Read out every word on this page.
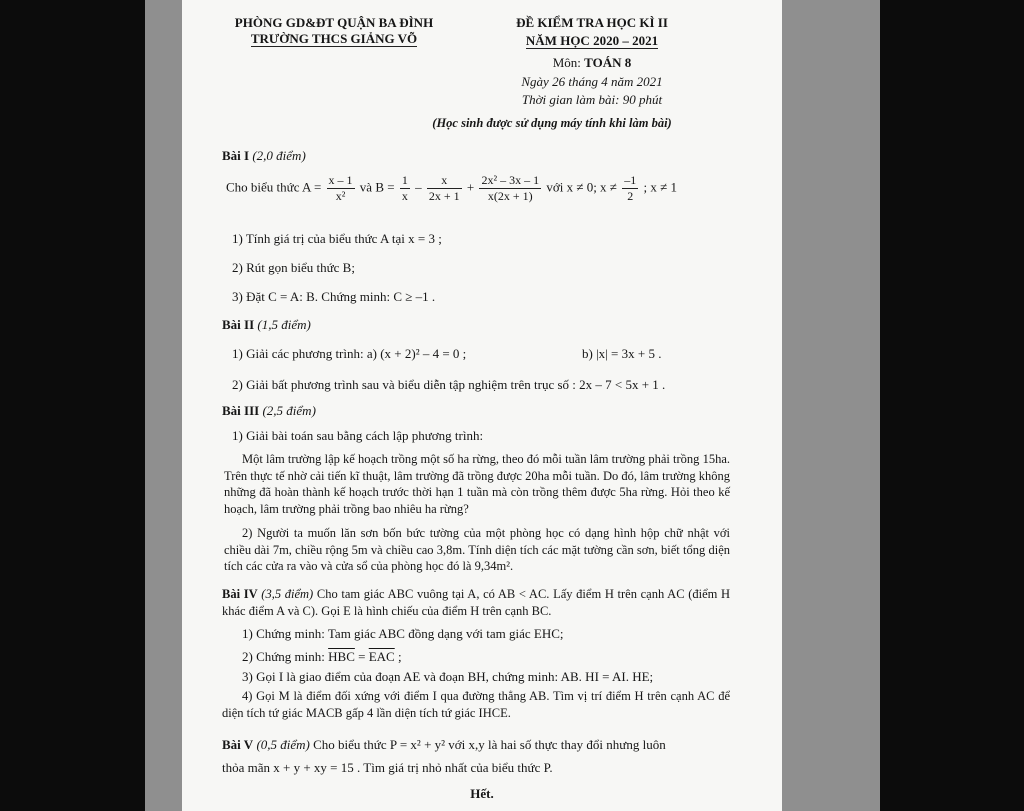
PHÒNG GD&ĐT QUẬN BA ĐÌNH
TRƯỜNG THCS GIẢNG VÕ
ĐỀ KIỂM TRA HỌC KÌ II
NĂM HỌC 2020 – 2021
Môn: TOÁN 8
Ngày 26 tháng 4 năm 2021
Thời gian làm bài: 90 phút
(Học sinh được sử dụng máy tính khi làm bài)
Bài I (2,0 điểm)
Cho biểu thức $A = \frac{x - 1}{\text{x²}}$ và $B = \frac{1}{x} - \frac{x}{2x + 1} + \frac{\text{2x² – 3x – 1}}{x(2x + 1)}$ với x ≠ 0; $x \ne \frac{-1}{2}$ ; x ≠ 1
1) Tính giá trị của biểu thức A tại x = 3 ;
2) Rút gọn biểu thức B;
3) Đặt C = A: B. Chứng minh: C ≥ –1 .
Bài II (1,5 điểm)
1) Giải các phương trình: a) (x + 2)² – 4 = 0 ;	b) |x| = 3x + 5 .
2) Giải bất phương trình sau và biểu diễn tập nghiệm trên trục số : 2x – 7 < 5x + 1 .
Bài III (2,5 điểm)
1) Giải bài toán sau bằng cách lập phương trình:
Một lâm trường lập kế hoạch trồng một số ha rừng, theo đó mỗi tuần lâm trường phải trồng 15ha. Trên thực tế nhờ cải tiến kĩ thuật, lâm trường đã trồng được 20ha mỗi tuần. Do đó, lâm trường không những đã hoàn thành kế hoạch trước thời hạn 1 tuần mà còn trồng thêm được 5ha rừng. Hỏi theo kế hoạch, lâm trường phải trồng bao nhiêu ha rừng?
2) Người ta muốn lăn sơn bốn bức tường của một phòng học có dạng hình hộp chữ nhật với chiều dài 7m, chiều rộng 5m và chiều cao 3,8m. Tính diện tích các mặt tường cần sơn, biết tổng diện tích các cửa ra vào và cửa sổ của phòng học đó là 9,34m².
Bài IV (3,5 điểm) Cho tam giác ABC vuông tại A, có AB < AC. Lấy điểm H trên cạnh AC (điểm H khác điểm A và C). Gọi E là hình chiếu của điểm H trên cạnh BC.
1) Chứng minh: Tam giác ABC đồng dạng với tam giác EHC;
2) Chứng minh: $\overline{HBC} = \overline{EAC}$ ;
3) Gọi I là giao điểm của đoạn AE và đoạn BH, chứng minh: AB. HI = AI. HE;
4) Gọi M là điểm đối xứng với điểm I qua đường thẳng AB. Tìm vị trí điểm H trên cạnh AC để diện tích tứ giác MACB gấp 4 lần diện tích tứ giác IHCE.
Bài V (0,5 điểm) Cho biểu thức P = x² + y² với x,y là hai số thực thay đổi nhưng luôn
thỏa mãn x + y + xy = 15 . Tìm giá trị nhỏ nhất của biểu thức P.
Hết.
